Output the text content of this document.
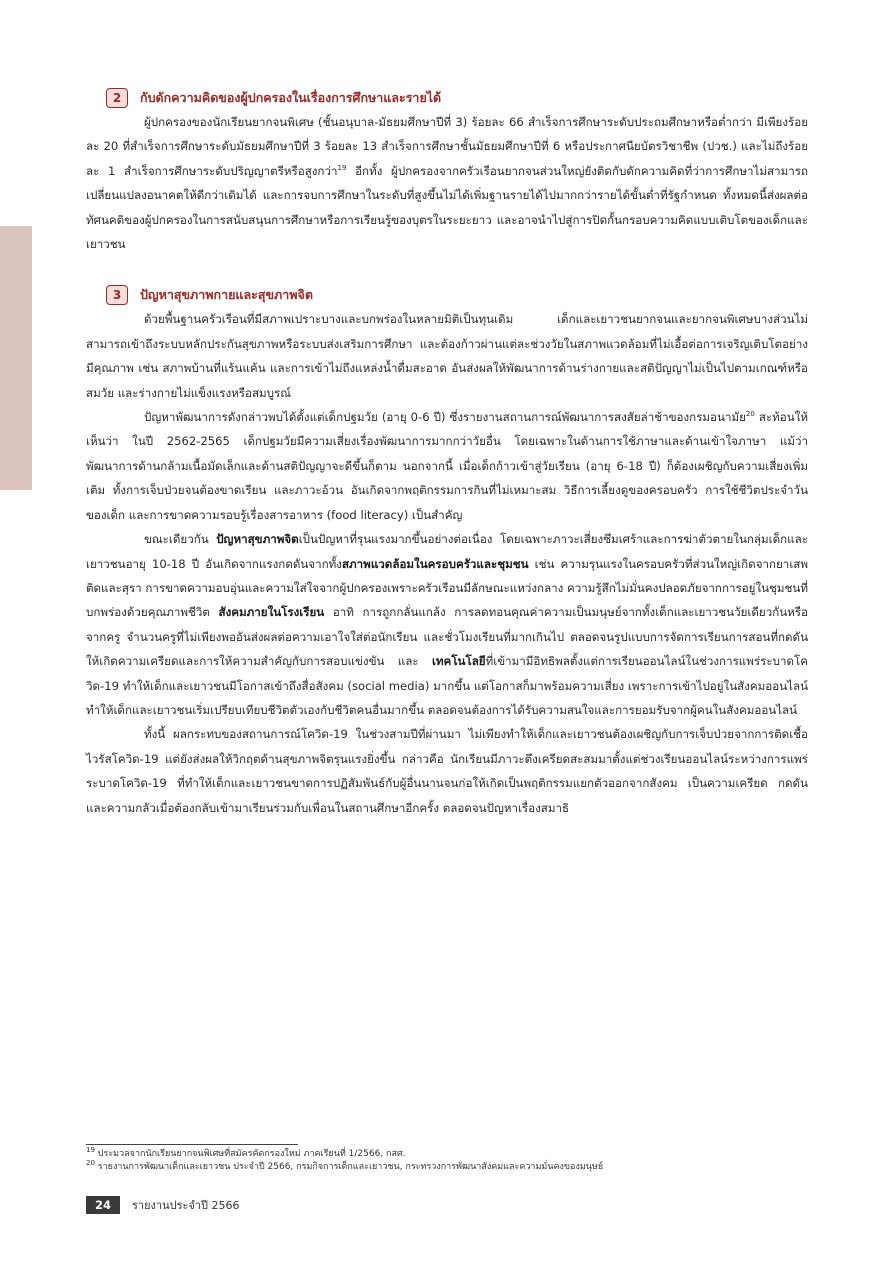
2	กับดักความคิดของผู้ปกครองในเรื่องการศึกษาและรายได้

ผู้ปกครองของนักเรียนยากจนพิเศษ (ชั้นอนุบาล-มัธยมศึกษาปีที่ 3) ร้อยละ 66 สำเร็จการศึกษาระดับประถมศึกษาหรือต่ำกว่า มีเพียงร้อยละ 20 ที่สำเร็จการศึกษาระดับมัธยมศึกษาปีที่ 3 ร้อยละ 13 สำเร็จการศึกษาชั้นมัธยมศึกษาปีที่ 6 หรือประกาศนียบัตรวิชาชีพ (ปวช.) และไม่ถึงร้อยละ 1 สำเร็จการศึกษาระดับปริญญาตรีหรือสูงกว่า$^{19}$ อีกทั้ง ผู้ปกครองจากครัวเรือนยากจนส่วนใหญ่ยังติดกับดักความคิดที่ว่าการศึกษาไม่สามารถเปลี่ยนแปลงอนาคตให้ดีกว่าเดิมได้ และการจบการศึกษาในระดับที่สูงขึ้นไม่ได้เพิ่มฐานรายได้ไปมากกว่ารายได้ขั้นต่ำที่รัฐกำหนด ทั้งหมดนี้ส่งผลต่อทัศนคติของผู้ปกครองในการสนับสนุนการศึกษาหรือการเรียนรู้ของบุตรในระยะยาว และอาจนำไปสู่การปิดกั้นกรอบความคิดแบบเติบโตของเด็กและเยาวชน

3	ปัญหาสุขภาพกายและสุขภาพจิต

ด้วยพื้นฐานครัวเรือนที่มีสภาพเปราะบางและบกพร่องในหลายมิติเป็นทุนเดิม เด็กและเยาวชนยากจนและยากจนพิเศษบางส่วนไม่สามารถเข้าถึงระบบหลักประกันสุขภาพหรือระบบส่งเสริมการศึกษา และต้องก้าวผ่านแต่ละช่วงวัยในสภาพแวดล้อมที่ไม่เอื้อต่อการเจริญเติบโตอย่างมีคุณภาพ เช่น สภาพบ้านที่แร้นแค้น และการเข้าไม่ถึงแหล่งน้ำดื่มสะอาด อันส่งผลให้พัฒนาการด้านร่างกายและสติปัญญาไม่เป็นไปตามเกณฑ์หรือสมวัย และร่างกายไม่แข็งแรงหรือสมบูรณ์

ปัญหาพัฒนาการดังกล่าวพบได้ตั้งแต่เด็กปฐมวัย (อายุ 0-6 ปี) ซึ่งรายงานสถานการณ์พัฒนาการสงสัยล่าช้าของกรมอนามัย$^{20}$ สะท้อนให้เห็นว่า ในปี 2562-2565 เด็กปฐมวัยมีความเสี่ยงเรื่องพัฒนาการมากกว่าวัยอื่น โดยเฉพาะในด้านการใช้ภาษาและด้านเข้าใจภาษา แม้ว่าพัฒนาการด้านกล้ามเนื้อมัดเล็กและด้านสติปัญญาจะดีขึ้นก็ตาม นอกจากนี้ เมื่อเด็กก้าวเข้าสู่วัยเรียน (อายุ 6-18 ปี) ก็ต้องเผชิญกับความเสี่ยงเพิ่มเติม ทั้งการเจ็บป่วยจนต้องขาดเรียน และภาวะอ้วน อันเกิดจากพฤติกรรมการกินที่ไม่เหมาะสม วิธีการเลี้ยงดูของครอบครัว การใช้ชีวิตประจำวันของเด็ก และการขาดความรอบรู้เรื่องสารอาหาร (food literacy) เป็นสำคัญ

ขณะเดียวกัน ปัญหาสุขภาพจิตเป็นปัญหาที่รุนแรงมากขึ้นอย่างต่อเนื่อง โดยเฉพาะภาวะเสี่ยงซึมเศร้าและการฆ่าตัวตายในกลุ่มเด็กและเยาวชนอายุ 10-18 ปี อันเกิดจากแรงกดดันจากทั้งสภาพแวดล้อมในครอบครัวและชุมชน เช่น ความรุนแรงในครอบครัวที่ส่วนใหญ่เกิดจากยาเสพติดและสุรา การขาดความอบอุ่นและความใส่ใจจากผู้ปกครองเพราะครัวเรือนมีลักษณะแหว่งกลาง ความรู้สึกไม่มั่นคงปลอดภัยจากการอยู่ในชุมชนที่บกพร่องด้วยคุณภาพชีวิต สังคมภายในโรงเรียน อาทิ การถูกกลั่นแกล้ง การลดทอนคุณค่าความเป็นมนุษย์จากทั้งเด็กและเยาวชนวัยเดียวกันหรือจากครู จำนวนครูที่ไม่เพียงพออันส่งผลต่อความเอาใจใส่ต่อนักเรียน และชั่วโมงเรียนที่มากเกินไป ตลอดจนรูปแบบการจัดการเรียนการสอนที่กดดันให้เกิดความเครียดและการให้ความสำคัญกับการสอบแข่งขัน และ เทคโนโลยีที่เข้ามามีอิทธิพลตั้งแต่การเรียนออนไลน์ในช่วงการแพร่ระบาดโควิด-19 ทำให้เด็กและเยาวชนมีโอกาสเข้าถึงสื่อสังคม (social media) มากขึ้น แต่โอกาสก็มาพร้อมความเสี่ยง เพราะการเข้าไปอยู่ในสังคมออนไลน์ทำให้เด็กและเยาวชนเริ่มเปรียบเทียบชีวิตตัวเองกับชีวิตคนอื่นมากขึ้น ตลอดจนต้องการได้รับความสนใจและการยอมรับจากผู้คนในสังคมออนไลน์

ทั้งนี้ ผลกระทบของสถานการณ์โควิด-19 ในช่วงสามปีที่ผ่านมา ไม่เพียงทำให้เด็กและเยาวชนต้องเผชิญกับการเจ็บป่วยจากการติดเชื้อไวรัสโควิด-19 แต่ยังส่งผลให้วิกฤตด้านสุขภาพจิตรุนแรงยิ่งขึ้น กล่าวคือ นักเรียนมีภาวะตึงเครียดสะสมมาตั้งแต่ช่วงเรียนออนไลน์ระหว่างการแพร่ระบาดโควิด-19 ที่ทำให้เด็กและเยาวชนขาดการปฏิสัมพันธ์กับผู้อื่นนานจนก่อให้เกิดเป็นพฤติกรรมแยกตัวออกจากสังคม เป็นความเครียด กดดัน และความกลัวเมื่อต้องกลับเข้ามาเรียนร่วมกับเพื่อนในสถานศึกษาอีกครั้ง ตลอดจนปัญหาเรื่องสมาธิ

$^{19}$ ประมวลจากนักเรียนยากจนพิเศษที่สมัครคัดกรองใหม่ ภาคเรียนที่ 1/2566, กสศ.
$^{20}$ รายงานการพัฒนาเด็กและเยาวชน ประจำปี 2566, กรมกิจการเด็กและเยาวชน, กระทรวงการพัฒนาสังคมและความมั่นคงของมนุษย์
24	รายงานประจำปี 2566
